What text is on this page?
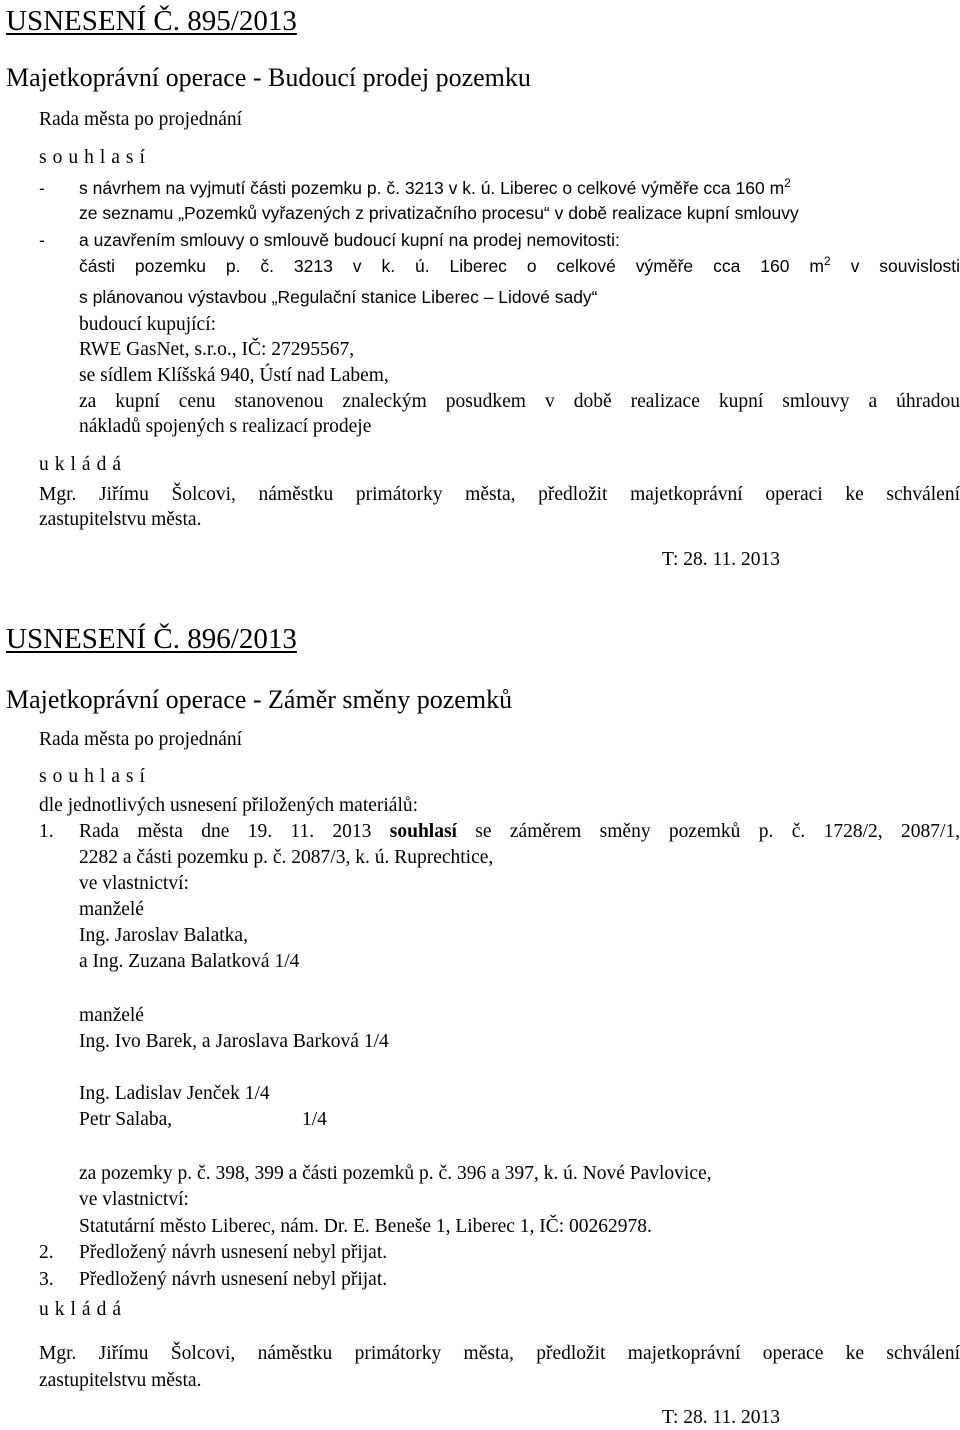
USNESENÍ Č. 895/2013
Majetkoprávní operace - Budoucí prodej pozemku
Rada města po projednání
souhlasí
- s návrhem na vyjmutí části pozemku p. č. 3213 v k. ú. Liberec o celkové výměře cca 160 $m^2$
ze seznamu „Pozemků vyřazených z privatizačního procesu“ v době realizace kupní smlouvy
- a uzavřením smlouvy o smlouvě budoucí kupní na prodej nemovitosti:
části pozemku p. č. 3213 v k. ú. Liberec o celkové výměře cca 160 $m^2$ v souvislosti
s plánovanou výstavbou „Regulační stanice Liberec – Lidové sady“
budoucí kupující:
RWE GasNet, s.r.o., IČ: 27295567,
se sídlem Klíšská 940, Ústí nad Labem,
za kupní cenu stanovenou znaleckým posudkem v době realizace kupní smlouvy a úhradou
nákladů spojených s realizací prodeje
ukládá
Mgr. Jiřímu Šolcovi, náměstku primátorky města, předložit majetkoprávní operaci ke schválení
zastupitelstvu města.
T: 28. 11. 2013
USNESENÍ Č. 896/2013
Majetkoprávní operace - Záměr směny pozemků
Rada města po projednání
souhlasí
dle jednotlivých usnesení přiložených materiálů:
1. Rada města dne 19. 11. 2013 souhlasí se záměrem směny pozemků p. č. 1728/2, 2087/1,
2282 a části pozemku p. č. 2087/3, k. ú. Ruprechtice,
ve vlastnictví:
manželé
Ing. Jaroslav Balatka,
a Ing. Zuzana Balatková 1/4
manželé
Ing. Ivo Barek, a Jaroslava Barková 1/4
Ing. Ladislav Jenček 1/4
Petr Salaba,	1/4
za pozemky p. č. 398, 399 a části pozemků p. č. 396 a 397, k. ú. Nové Pavlovice,
ve vlastnictví:
Statutární město Liberec, nám. Dr. E. Beneše 1, Liberec 1, IČ: 00262978.
2. Předložený návrh usnesení nebyl přijat.
3. Předložený návrh usnesení nebyl přijat.
ukládá
Mgr. Jiřímu Šolcovi, náměstku primátorky města, předložit majetkoprávní operace ke schválení
zastupitelstvu města.
T: 28. 11. 2013
